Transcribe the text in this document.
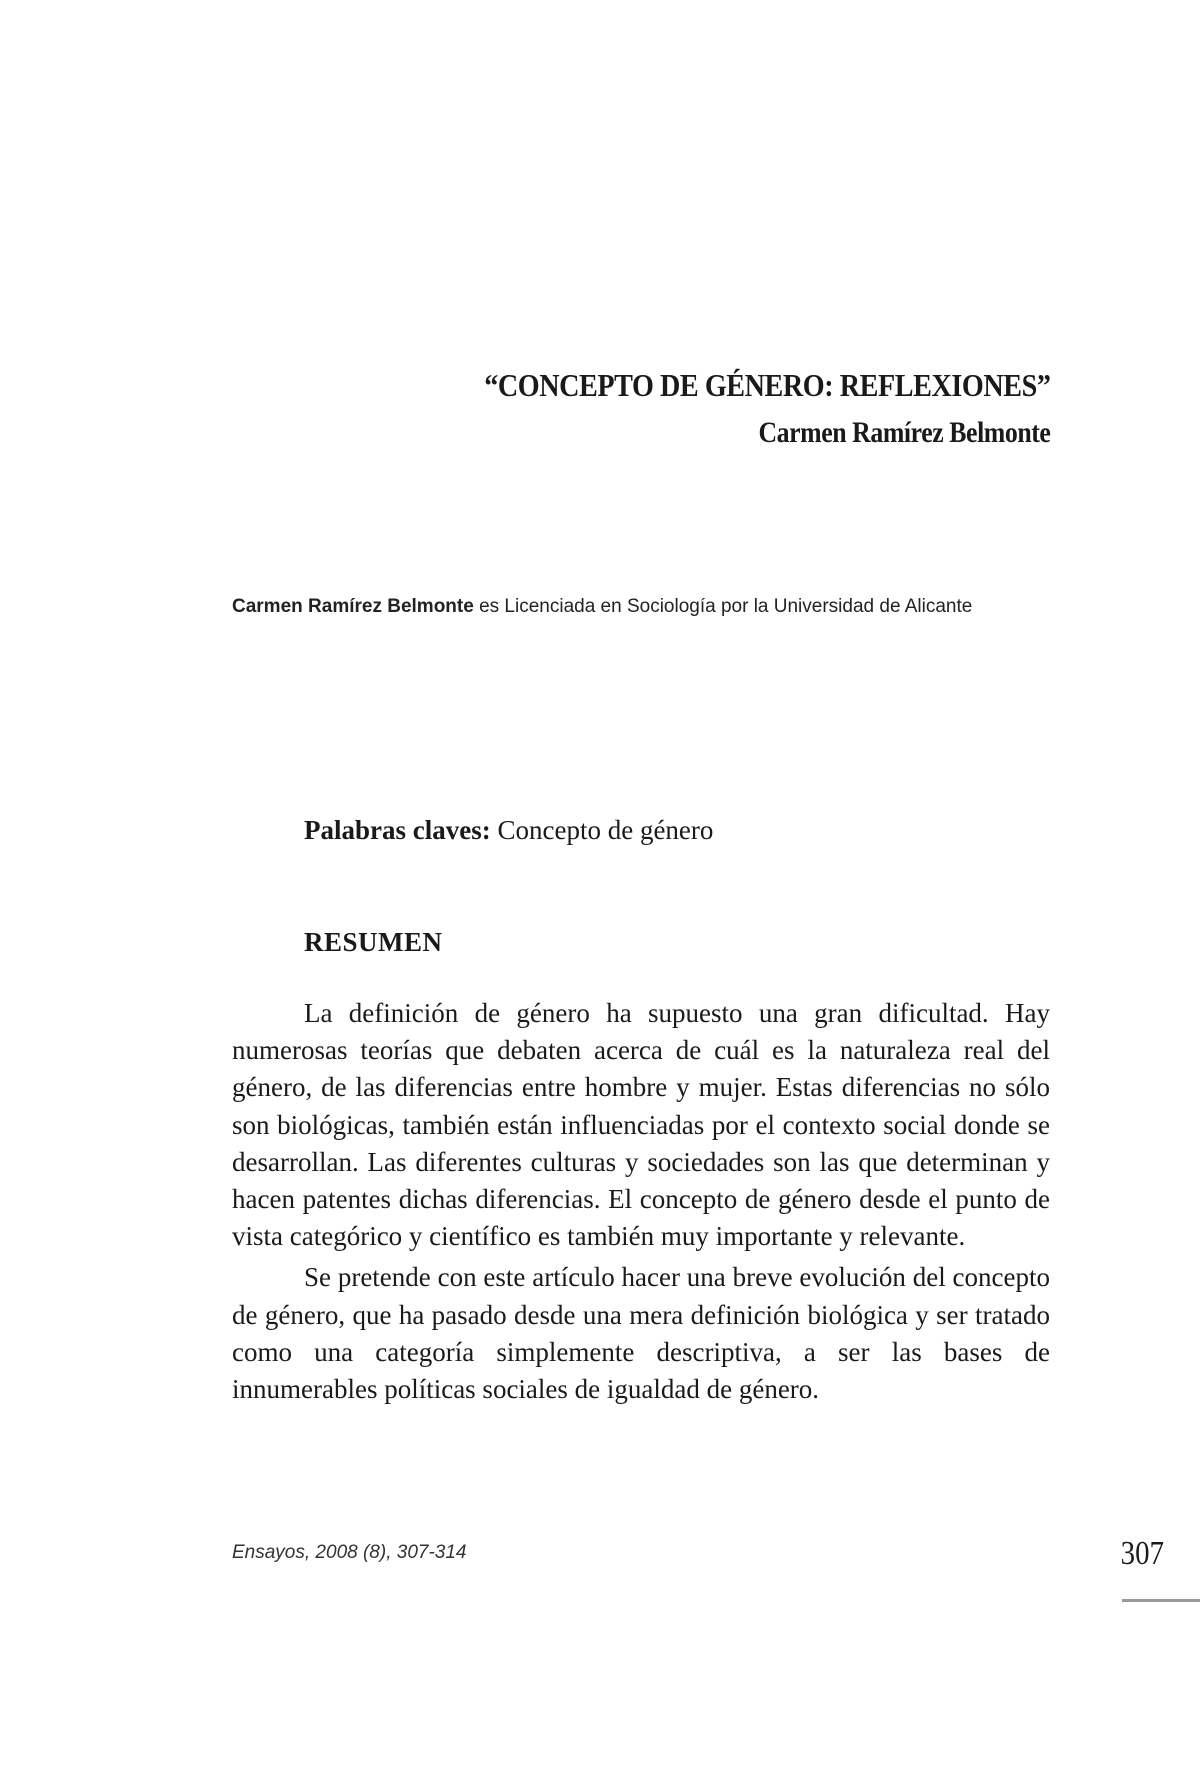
“CONCEPTO DE GÉNERO: REFLEXIONES”
Carmen Ramírez Belmonte
Carmen Ramírez Belmonte es Licenciada en Sociología por la Universidad de Alicante
Palabras claves: Concepto de género
RESUMEN

La definición de género ha supuesto una gran dificultad. Hay numerosas teorías que debaten acerca de cuál es la naturaleza real del género, de las diferencias entre hombre y mujer. Estas diferencias no sólo son biológicas, también están influenciadas por el contexto social donde se desarrollan. Las diferentes culturas y sociedades son las que determinan y hacen patentes dichas diferencias. El concepto de género desde el punto de vista categórico y científico es también muy importante y relevante.

Se pretende con este artículo hacer una breve evolución del concepto de género, que ha pasado desde una mera definición biológica y ser tratado como una categoría simplemente descriptiva, a ser las bases de innumerables políticas sociales de igualdad de género.

Ensayos, 2008 (8), 307-314	307
